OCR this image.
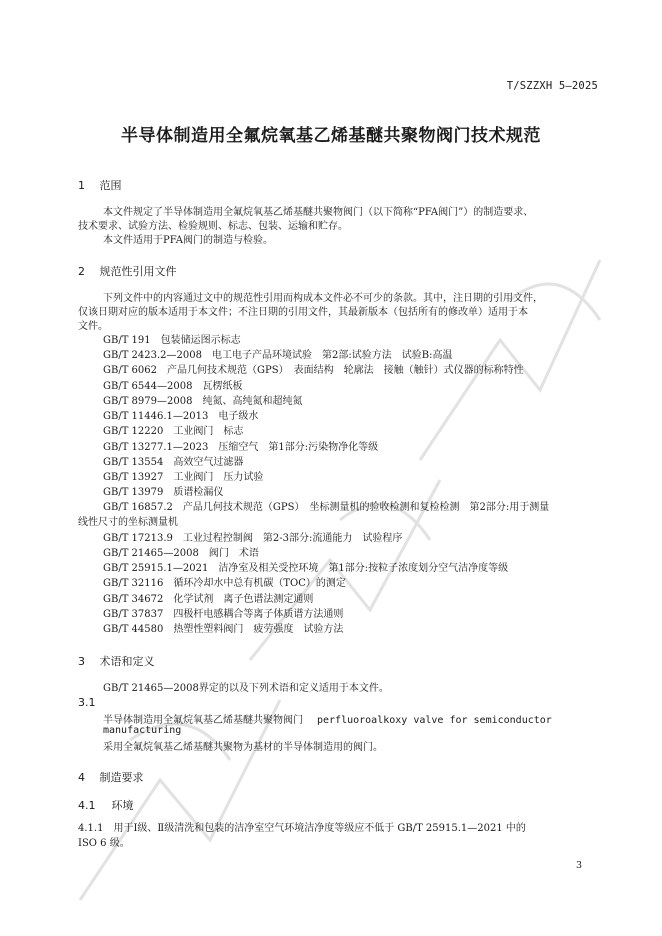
T/SZZXH 5—2025
半导体制造用全氟烷氧基乙烯基醚共聚物阀门技术规范
1 范围
本文件规定了半导体制造用全氟烷氧基乙烯基醚共聚物阀门（以下简称“PFA阀门”）的制造要求、
技术要求、试验方法、检验规则、标志、包装、运输和贮存。
本文件适用于PFA阀门的制造与检验。
2 规范性引用文件
下列文件中的内容通过文中的规范性引用而构成本文件必不可少的条款。其中，注日期的引用文件，
仅该日期对应的版本适用于本文件；不注日期的引用文件，其最新版本（包括所有的修改单）适用于本
文件。
GB/T 191　包装储运图示标志
GB/T 2423.2—2008　电工电子产品环境试验　第2部:试验方法　试验B:高温
GB/T 6062　产品几何技术规范（GPS）　表面结构　轮廓法　接触（触针）式仪器的标称特性
GB/T 6544—2008　瓦楞纸板
GB/T 8979—2008　纯氮、高纯氮和超纯氮
GB/T 11446.1—2013　电子级水
GB/T 12220　工业阀门　标志
GB/T 13277.1—2023　压缩空气　第1部分:污染物净化等级
GB/T 13554　高效空气过滤器
GB/T 13927　工业阀门　压力试验
GB/T 13979　质谱检漏仪
GB/T 16857.2　产品几何技术规范（GPS）　坐标测量机的验收检测和复检检测　第2部分:用于测量
线性尺寸的坐标测量机
GB/T 17213.9　工业过程控制阀　第2-3部分:流通能力　试验程序
GB/T 21465—2008　阀门　术语
GB/T 25915.1—2021　洁净室及相关受控环境　第1部分:按粒子浓度划分空气洁净度等级
GB/T 32116　循环冷却水中总有机碳（TOC）的测定
GB/T 34672　化学试剂　离子色谱法测定通则
GB/T 37837　四极杆电感耦合等离子体质谱方法通则
GB/T 44580　热塑性塑料阀门　疲劳强度　试验方法
3 术语和定义
GB/T 21465—2008界定的以及下列术语和定义适用于本文件。
3.1
半导体制造用全氟烷氧基乙烯基醚共聚物阀门 perfluoroalkoxy valve for semiconductor
manufacturing
采用全氟烷氧基乙烯基醚共聚物为基材的半导体制造用的阀门。
4 制造要求
4.1 环境
4.1.1　用于Ⅰ级、Ⅱ级清洗和包装的洁净室空气环境洁净度等级应不低于 GB/T 25915.1—2021 中的
ISO 6 级。
3
